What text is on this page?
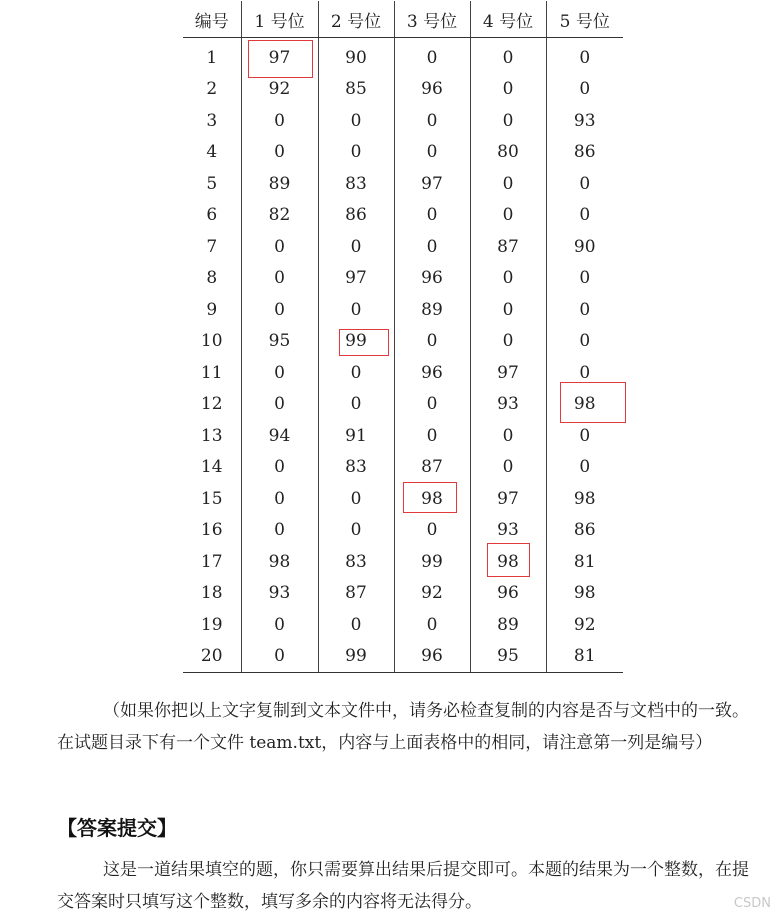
编号	1 号位	2 号位	3 号位	4 号位	5 号位
1	97	90	0	0	0
2	92	85	96	0	0
3	0	0	0	0	93
4	0	0	0	80	86
5	89	83	97	0	0
6	82	86	0	0	0
7	0	0	0	87	90
8	0	97	96	0	0
9	0	0	89	0	0
10	95	99	0	0	0
11	0	0	96	97	0
12	0	0	0	93	98
13	94	91	0	0	0
14	0	83	87	0	0
15	0	0	98	97	98
16	0	0	0	93	86
17	98	83	99	98	81
18	93	87	92	96	98
19	0	0	0	89	92
20	0	99	96	95	81

（如果你把以上文字复制到文本文件中，请务必检查复制的内容是否与文档中的一致。在试题目录下有一个文件 team.txt，内容与上面表格中的相同，请注意第一列是编号）

【答案提交】

这是一道结果填空的题，你只需要算出结果后提交即可。本题的结果为一个整数，在提交答案时只填写这个整数，填写多余的内容将无法得分。	CSDN
